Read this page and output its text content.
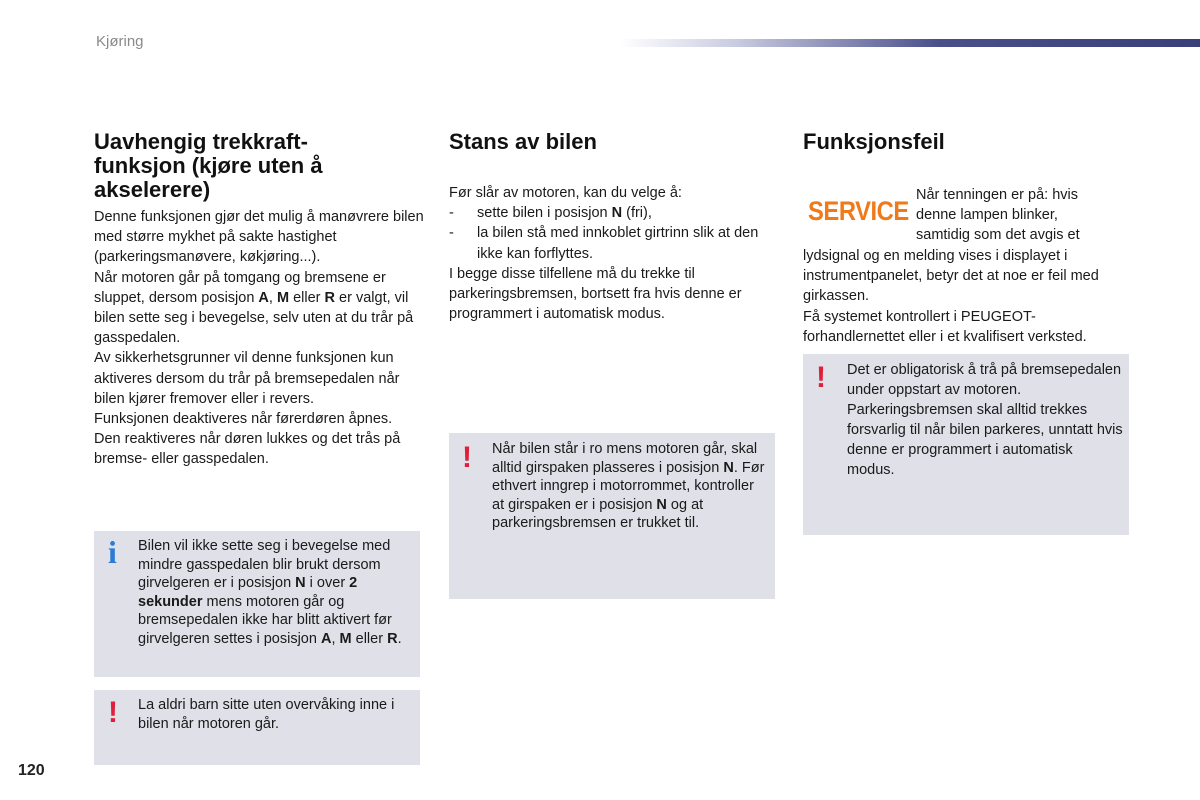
Kjøring
Uavhengig trekkraft-
funksjon (kjøre uten å
akselerere)

Denne funksjonen gjør det mulig å manøvrere bilen med større mykhet på sakte hastighet (parkeringsmanøvere, køkjøring...).

Når motoren går på tomgang og bremsene er sluppet, dersom posisjon A, M eller R er valgt, vil bilen sette seg i bevegelse, selv uten at du trår på gasspedalen.

Av sikkerhetsgrunner vil denne funksjonen kun aktiveres dersom du trår på bremsepedalen når bilen kjører fremover eller i revers.

Funksjonen deaktiveres når førerdøren åpnes.

Den reaktiveres når døren lukkes og det trås på bremse- eller gasspedalen.

i Bilen vil ikke sette seg i bevegelse med mindre gasspedalen blir brukt dersom girvelgeren er i posisjon N i over 2 sekunder mens motoren går og bremsepedalen ikke har blitt aktivert før girvelgeren settes i posisjon A, M eller R.
! La aldri barn sitte uten overvåking inne i bilen når motoren går.
Stans av bilen

Før slår av motoren, kan du velge å:

- sette bilen i posisjon N (fri),
- la bilen stå med innkoblet girtrinn slik at den ikke kan forflyttes.

I begge disse tilfellene må du trekke til parkeringsbremsen, bortsett fra hvis denne er programmert i automatisk modus.

! Når bilen står i ro mens motoren går, skal alltid girspaken plasseres i posisjon N. Før ethvert inngrep i motorrommet, kontroller at girspaken er i posisjon N og at parkeringsbremsen er trukket til.
Funksjonsfeil
SERVICE
Når tenningen er på: hvis
denne lampen blinker,
samtidig som det avgis et

lydsignal og en melding vises i displayet i instrumentpanelet, betyr det at noe er feil med girkassen.

Få systemet kontrollert i PEUGEOT-forhandlernettet eller i et kvalifisert verksted.

! Det er obligatorisk å trå på bremsepedalen under oppstart av motoren.
Parkeringsbremsen skal alltid trekkes forsvarlig til når bilen parkeres, unntatt hvis denne er programmert i automatisk modus.
120
